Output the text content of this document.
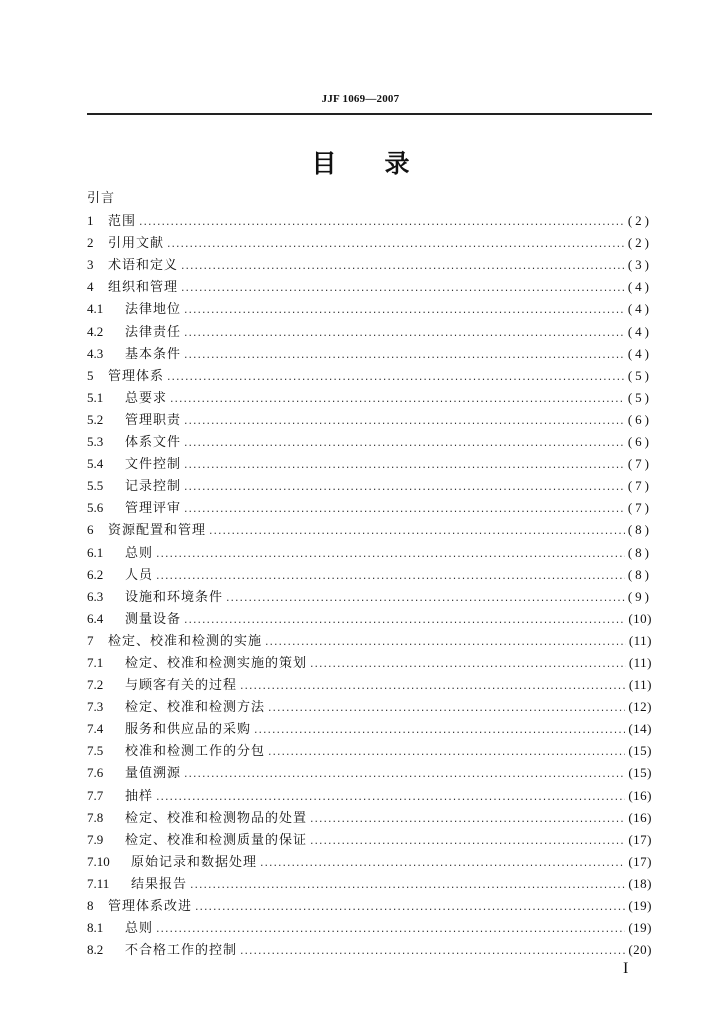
JJF 1069—2007
目 录
引言
1	范围 .....	(2)
2	引用文献 .....	(2)
3	术语和定义 .....	(3)
4	组织和管理 .....	(4)
4.1	法律地位 .....	(4)
4.2	法律责任 .....	(4)
4.3	基本条件 .....	(4)
5	管理体系 .....	(5)
5.1	总要求 .....	(5)
5.2	管理职责 .....	(6)
5.3	体系文件 .....	(6)
5.4	文件控制 .....	(7)
5.5	记录控制 .....	(7)
5.6	管理评审 .....	(7)
6	资源配置和管理 .....	(8)
6.1	总则 .....	(8)
6.2	人员 .....	(8)
6.3	设施和环境条件 .....	(9)
6.4	测量设备 .....	(10)
7	检定、校准和检测的实施 .....	(11)
7.1	检定、校准和检测实施的策划 .....	(11)
7.2	与顾客有关的过程 .....	(11)
7.3	检定、校准和检测方法 .....	(12)
7.4	服务和供应品的采购 .....	(14)
7.5	校准和检测工作的分包 .....	(15)
7.6	量值溯源 .....	(15)
7.7	抽样 .....	(16)
7.8	检定、校准和检测物品的处置 .....	(16)
7.9	检定、校准和检测质量的保证 .....	(17)
7.10	原始记录和数据处理 .....	(17)
7.11	结果报告 .....	(18)
8	管理体系改进 .....	(19)
8.1	总则 .....	(19)
8.2	不合格工作的控制 .....	(20)
I
